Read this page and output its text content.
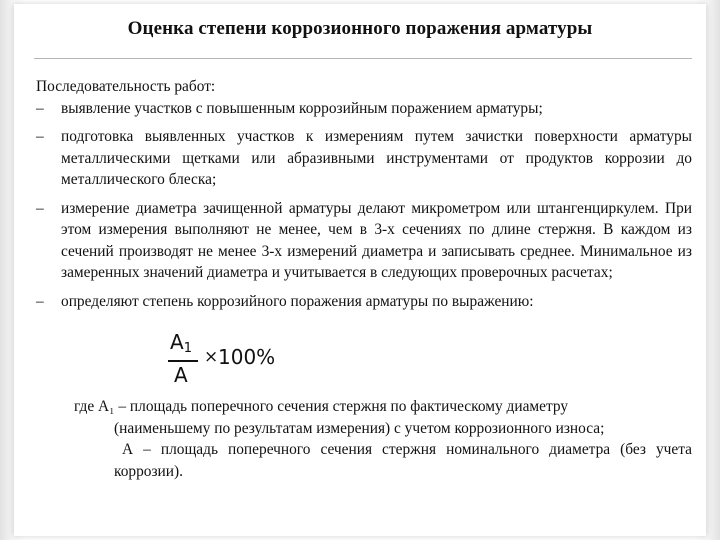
Оценка степени коррозионного поражения арматуры

Последовательность работ:

– выявление участков с повышенным коррозийным поражением арматуры;
– подготовка выявленных участков к измерениям путем зачистки поверхности арматуры металлическими щетками или абразивными инструментами от продуктов коррозии до металлического блеска;
– измерение диаметра зачищенной арматуры делают микрометром или штангенциркулем. При этом измерения выполняют не менее, чем в 3-х сечениях по длине стержня. В каждом из сечений производят не менее 3-х измерений диаметра и записывать среднее. Минимальное из замеренных значений диаметра и учитывается в следующих проверочных расчетах;
– определяют степень коррозийного поражения арматуры по выражению:
$A_1$
A
× 100%

где A₁ – площадь поперечного сечения стержня по фактическому диаметру
(наименьшему по результатам измерения) с учетом коррозионного износа;

А – площадь поперечного сечения стержня номинального диаметра (без учета коррозии).
